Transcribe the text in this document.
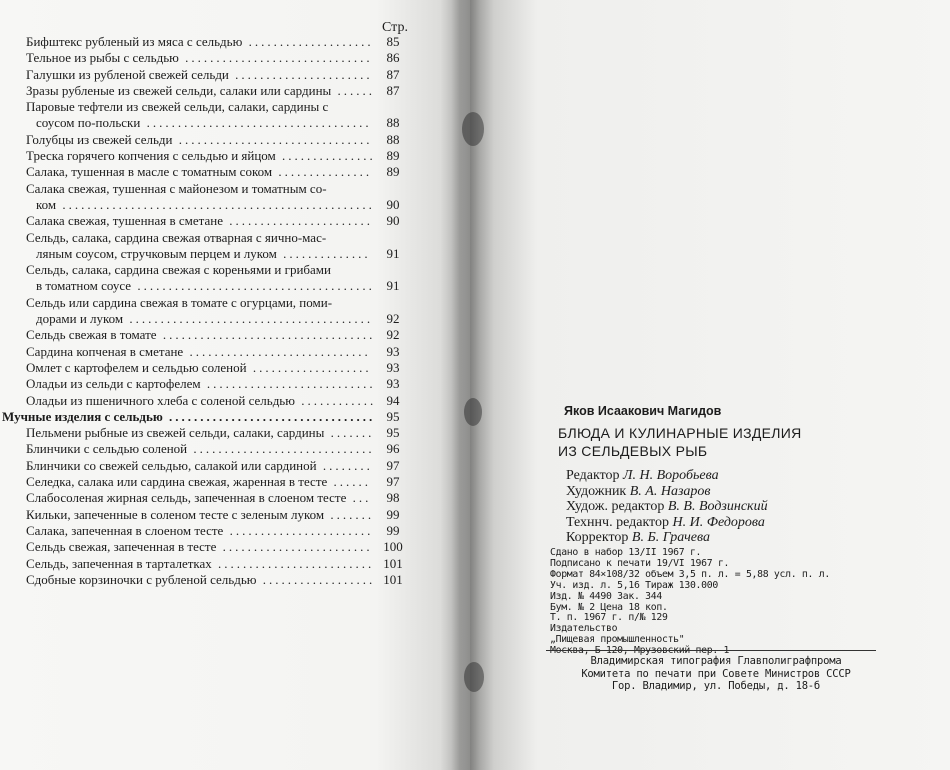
Стр.
Бифштекс рубленый из мяса с сельдью .................... 85
Тельное из рыбы с сельдью ..............................	86
Галушки из рубленой свежей сельди ......................	87
Зразы рубленые из свежей сельди, салаки или сардины ...... 87
Паровые тефтели из свежей сельди, салаки, сардины с
соусом по-польски ....................................	88
Голубцы из свежей сельди ...............................	88
Треска горячего копчения с сельдью и яйцом ............... 89
Салака, тушенная в масле с томатным соком ...............	89
Салака свежая, тушенная с майонезом и томатным со-
ком .................................................. 90
Салака свежая, тушенная в сметане .......................	90
Сельдь, салака, сардина свежая отварная с яично-мас-
ляным соусом, стручковым перцем и луком ..............	91
Сельдь, салака, сардина свежая с кореньями и грибами
в томатном соусе ...................................... 91
Сельдь или сардина свежая в томате с огурцами, поми-
дорами и луком .......................................	92
Сельдь свежая в томате .................................. 92
Сардина копченая в сметане .............................	93
Омлет с картофелем и сельдью соленой ...................	93
Оладьи из сельди с картофелем ........................... 93
Оладьи из пшеничного хлеба с соленой сельдью ............ 94
Мучные изделия с сельдью ................................. 95
Пельмени рыбные из свежей сельди, салаки, сардины ....... 95
Блинчики с сельдью соленой ............................. 96
Блинчики со свежей сельдью, салакой или сардиной ........	97
Селедка, салака или сардина свежая, жаренная в тесте ......	97
Слабосоленая жирная сельдь, запеченная в слоеном тесте ...	98
Кильки, запеченные в соленом тесте с зеленым луком ....... 99
Салака, запеченная в слоеном тесте .......................	99
Сельдь свежая, запеченная в тесте ........................ 100
Сельдь, запеченная в тарталетках ......................... 101
Сдобные корзиночки с рубленой сельдью .................. 101
Яков Исаакович Магидов
БЛЮДА И КУЛИНАРНЫЕ ИЗДЕЛИЯ
ИЗ СЕЛЬДЕВЫХ РЫБ
Редактор Л. Н. Воробьева
Художник В. А. Назаров
Худож. редактор В. В. Водзинский
Техннч. редактор Н. И. Федорова
Корректор В. Б. Грачева
Сдано в набор 13/II 1967 г.
Подписано к печати 19/VI 1967 г.
Формат 84×108/32 объем 3,5 п. л. = 5,88 усл. п. л.
Уч. изд. л. 5,16 Тираж 130.000
Изд. № 4490 Зак. 344
Бум. № 2 Цена 18 коп.
Т. п. 1967 г. п/№ 129
Издательство
„Пищевая промышленность"
Владимирская типография Главполиграфпрома
Комитета по печати при Совете Министров СССР
Гор. Владимир, ул. Победы, д. 18-б
